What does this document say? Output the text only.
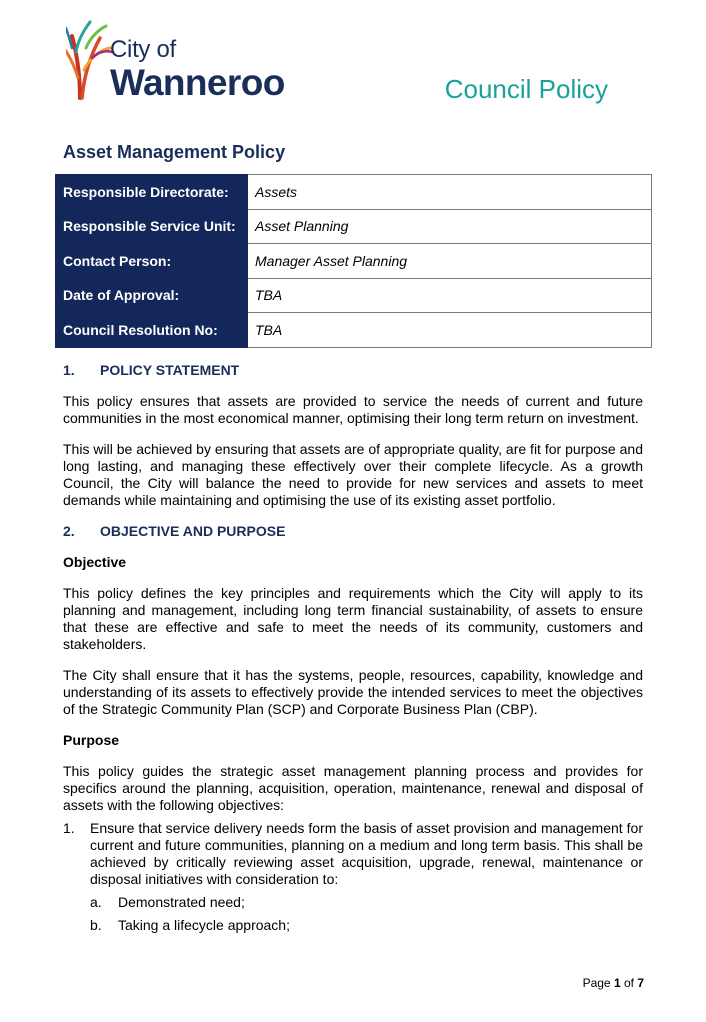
City of
Wanneroo	Council Policy
Asset Management Policy
Responsible Directorate:	Assets
Responsible Service Unit:	Asset Planning
Contact Person:	Manager Asset Planning
Date of Approval:	TBA
Council Resolution No:	TBA
1. POLICY STATEMENT
This policy ensures that assets are provided to service the needs of current and future communities in the most economical manner, optimising their long term return on investment.
This will be achieved by ensuring that assets are of appropriate quality, are fit for purpose and long lasting, and managing these effectively over their complete lifecycle. As a growth Council, the City will balance the need to provide for new services and assets to meet demands while maintaining and optimising the use of its existing asset portfolio.
2. OBJECTIVE AND PURPOSE
Objective
This policy defines the key principles and requirements which the City will apply to its planning and management, including long term financial sustainability, of assets to ensure that these are effective and safe to meet the needs of its community, customers and stakeholders.
The City shall ensure that it has the systems, people, resources, capability, knowledge and understanding of its assets to effectively provide the intended services to meet the objectives of the Strategic Community Plan (SCP) and Corporate Business Plan (CBP).
Purpose
This policy guides the strategic asset management planning process and provides for specifics around the planning, acquisition, operation, maintenance, renewal and disposal of assets with the following objectives:
1.	Ensure that service delivery needs form the basis of asset provision and management for current and future communities, planning on a medium and long term basis. This shall be achieved by critically reviewing asset acquisition, upgrade, renewal, maintenance or disposal initiatives with consideration to:
a.	Demonstrated need;
b.	Taking a lifecycle approach;
Page 1 of 7
